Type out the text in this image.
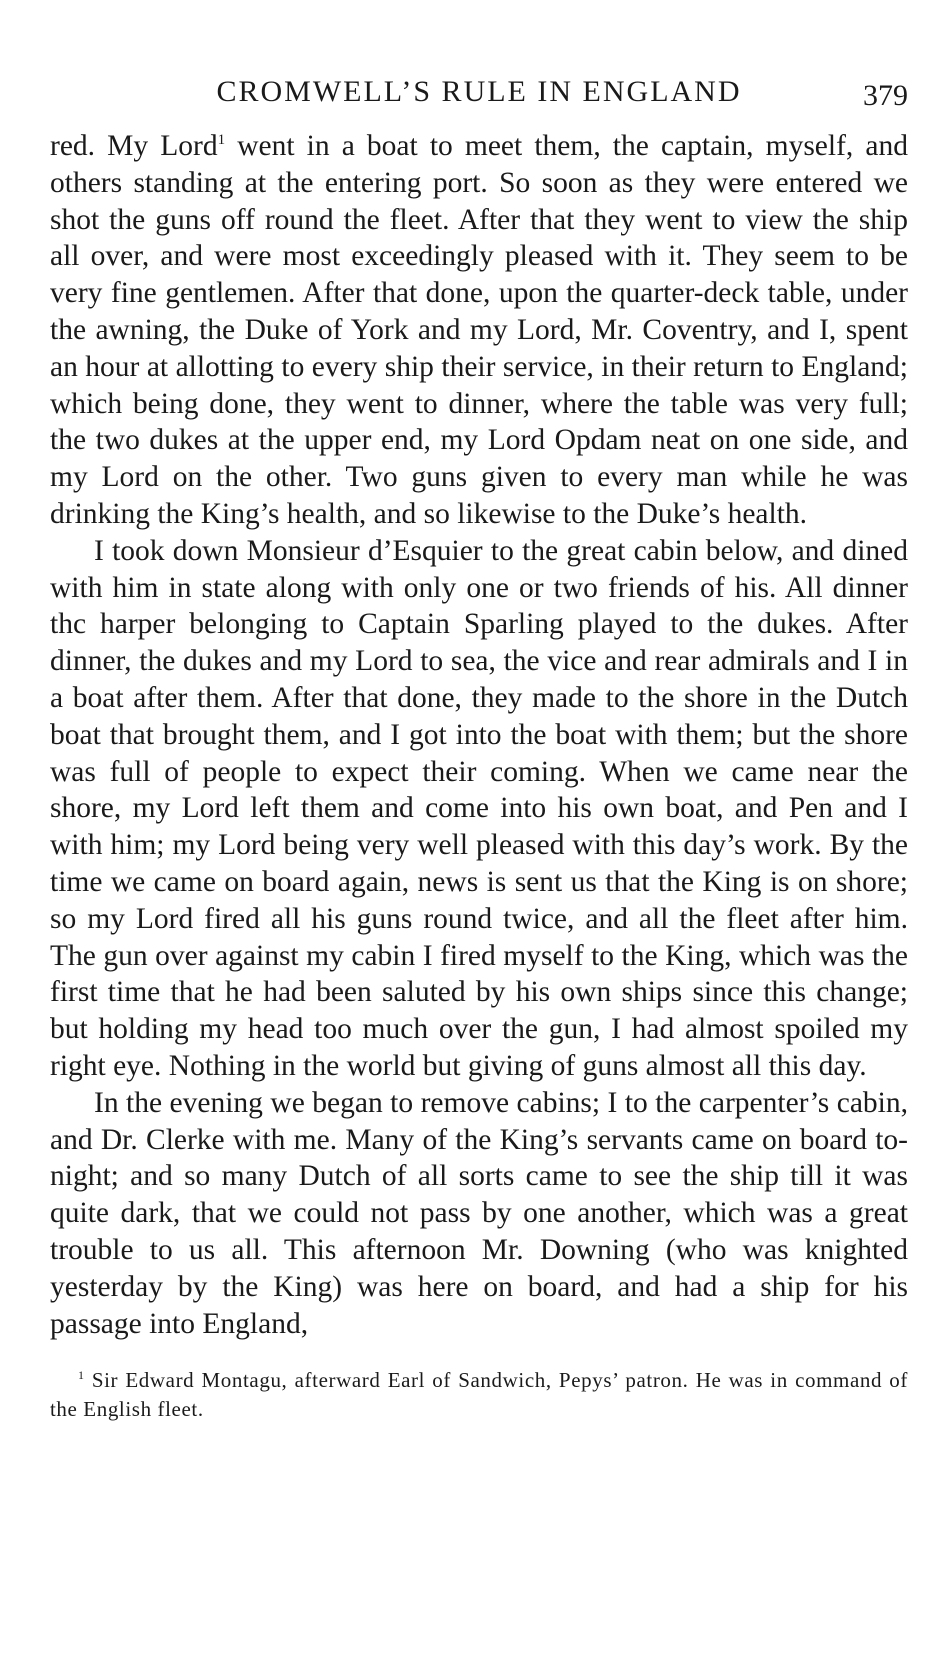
CROMWELL’S RULE IN ENGLAND	379

red. My Lord$^1$ went in a boat to meet them, the captain, myself, and others standing at the entering port. So soon as they were entered we shot the guns off round the fleet. After that they went to view the ship all over, and were most exceedingly pleased with it. They seem to be very fine gentlemen. After that done, upon the quarter-deck table, under the awning, the Duke of York and my Lord, Mr. Coventry, and I, spent an hour at allotting to every ship their service, in their return to England; which being done, they went to dinner, where the table was very full; the two dukes at the upper end, my Lord Opdam neat on one side, and my Lord on the other. Two guns given to every man while he was drinking the King’s health, and so likewise to the Duke’s health.

I took down Monsieur d’Esquier to the great cabin below, and dined with him in state along with only one or two friends of his. All dinner thc harper belonging to Captain Sparling played to the dukes. After dinner, the dukes and my Lord to sea, the vice and rear admirals and I in a boat after them. After that done, they made to the shore in the Dutch boat that brought them, and I got into the boat with them; but the shore was full of people to expect their coming. When we came near the shore, my Lord left them and come into his own boat, and Pen and I with him; my Lord being very well pleased with this day’s work. By the time we came on board again, news is sent us that the King is on shore; so my Lord fired all his guns round twice, and all the fleet after him. The gun over against my cabin I fired myself to the King, which was the first time that he had been saluted by his own ships since this change; but holding my head too much over the gun, I had almost spoiled my right eye. Nothing in the world but giving of guns almost all this day.

In the evening we began to remove cabins; I to the carpenter’s cabin, and Dr. Clerke with me. Many of the King’s servants came on board to-night; and so many Dutch of all sorts came to see the ship till it was quite dark, that we could not pass by one another, which was a great trouble to us all. This afternoon Mr. Downing (who was knighted yesterday by the King) was here on board, and had a ship for his passage into England,

$^1$ Sir Edward Montagu, afterward Earl of Sandwich, Pepys’ patron. He was in command of the English fleet.
